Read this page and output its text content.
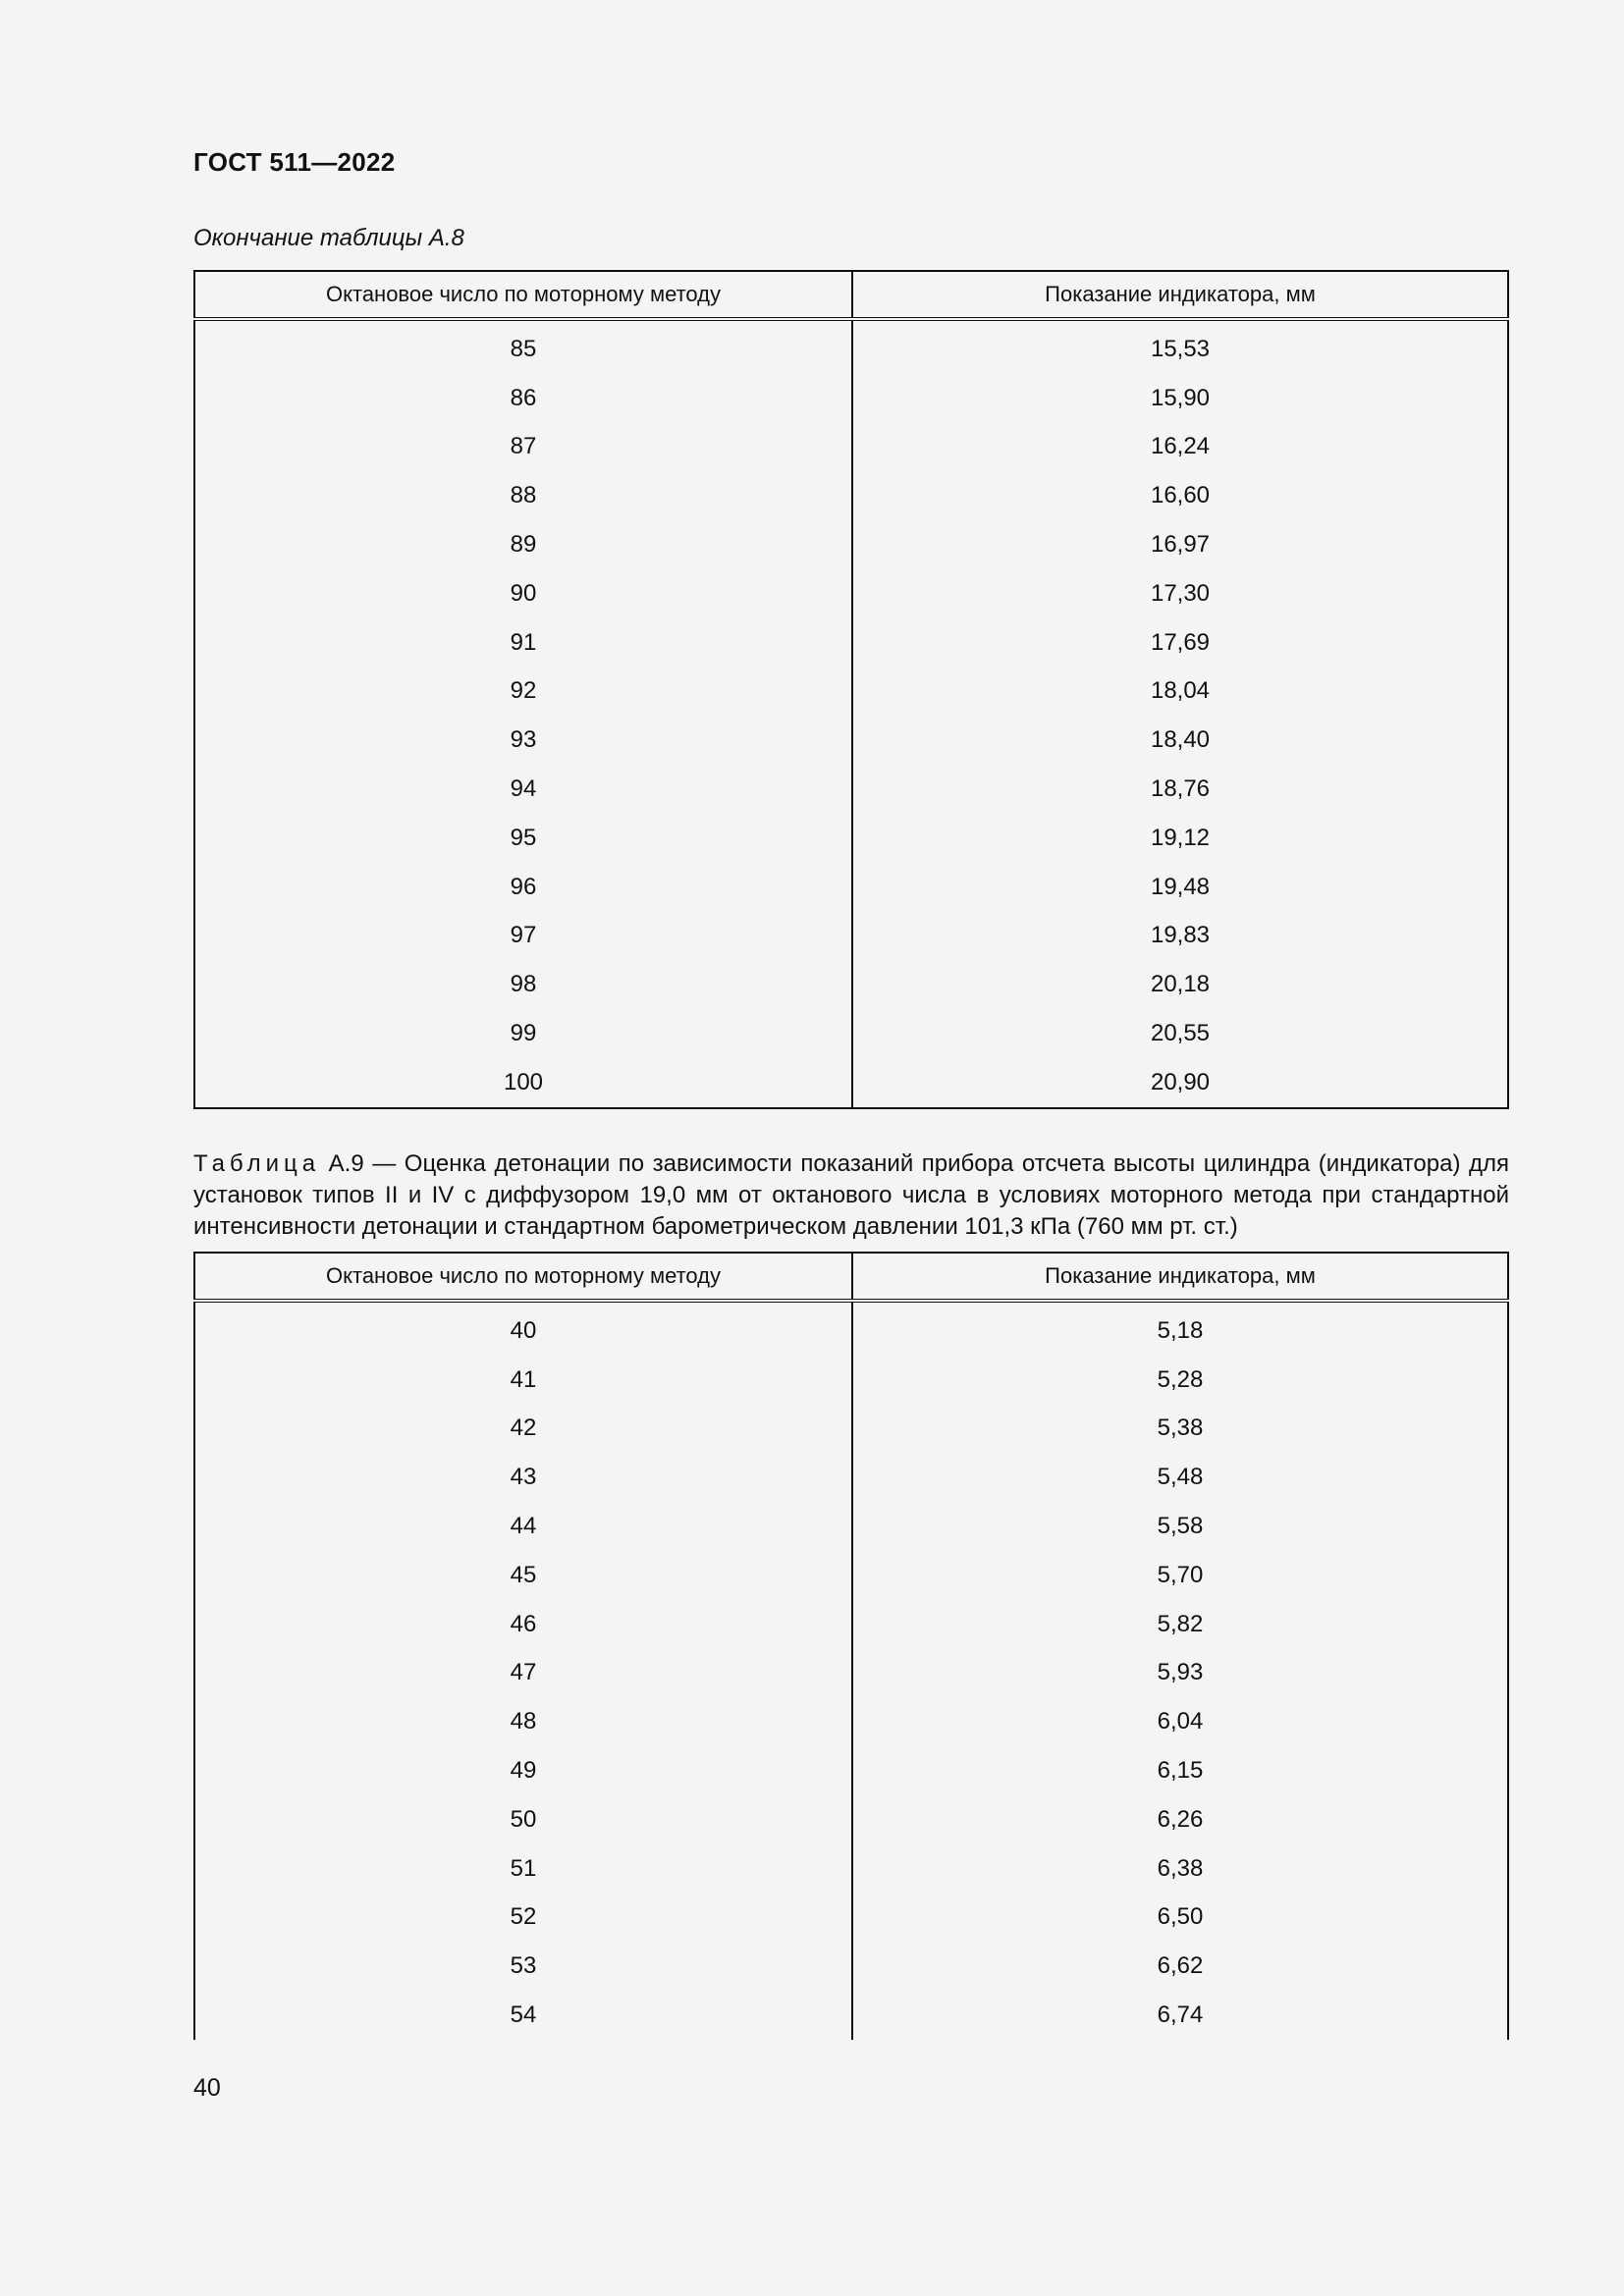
ГОСТ 511—2022
Окончание таблицы А.8
Октановое число по моторному методу	Показание индикатора, мм
85	15,53
86	15,90
87	16,24
88	16,60
89	16,97
90	17,30
91	17,69
92	18,04
93	18,40
94	18,76
95	19,12
96	19,48
97	19,83
98	20,18
99	20,55
100	20,90
Таблица А.9 — Оценка детонации по зависимости показаний прибора отсчета высоты цилиндра (индикатора) для установок типов II и IV с диффузором 19,0 мм от октанового числа в условиях моторного метода при стандартной интенсивности детонации и стандартном барометрическом давлении 101,3 кПа (760 мм рт. ст.)
Октановое число по моторному методу	Показание индикатора, мм
40	5,18
41	5,28
42	5,38
43	5,48
44	5,58
45	5,70
46	5,82
47	5,93
48	6,04
49	6,15
50	6,26
51	6,38
52	6,50
53	6,62
54	6,74
40
